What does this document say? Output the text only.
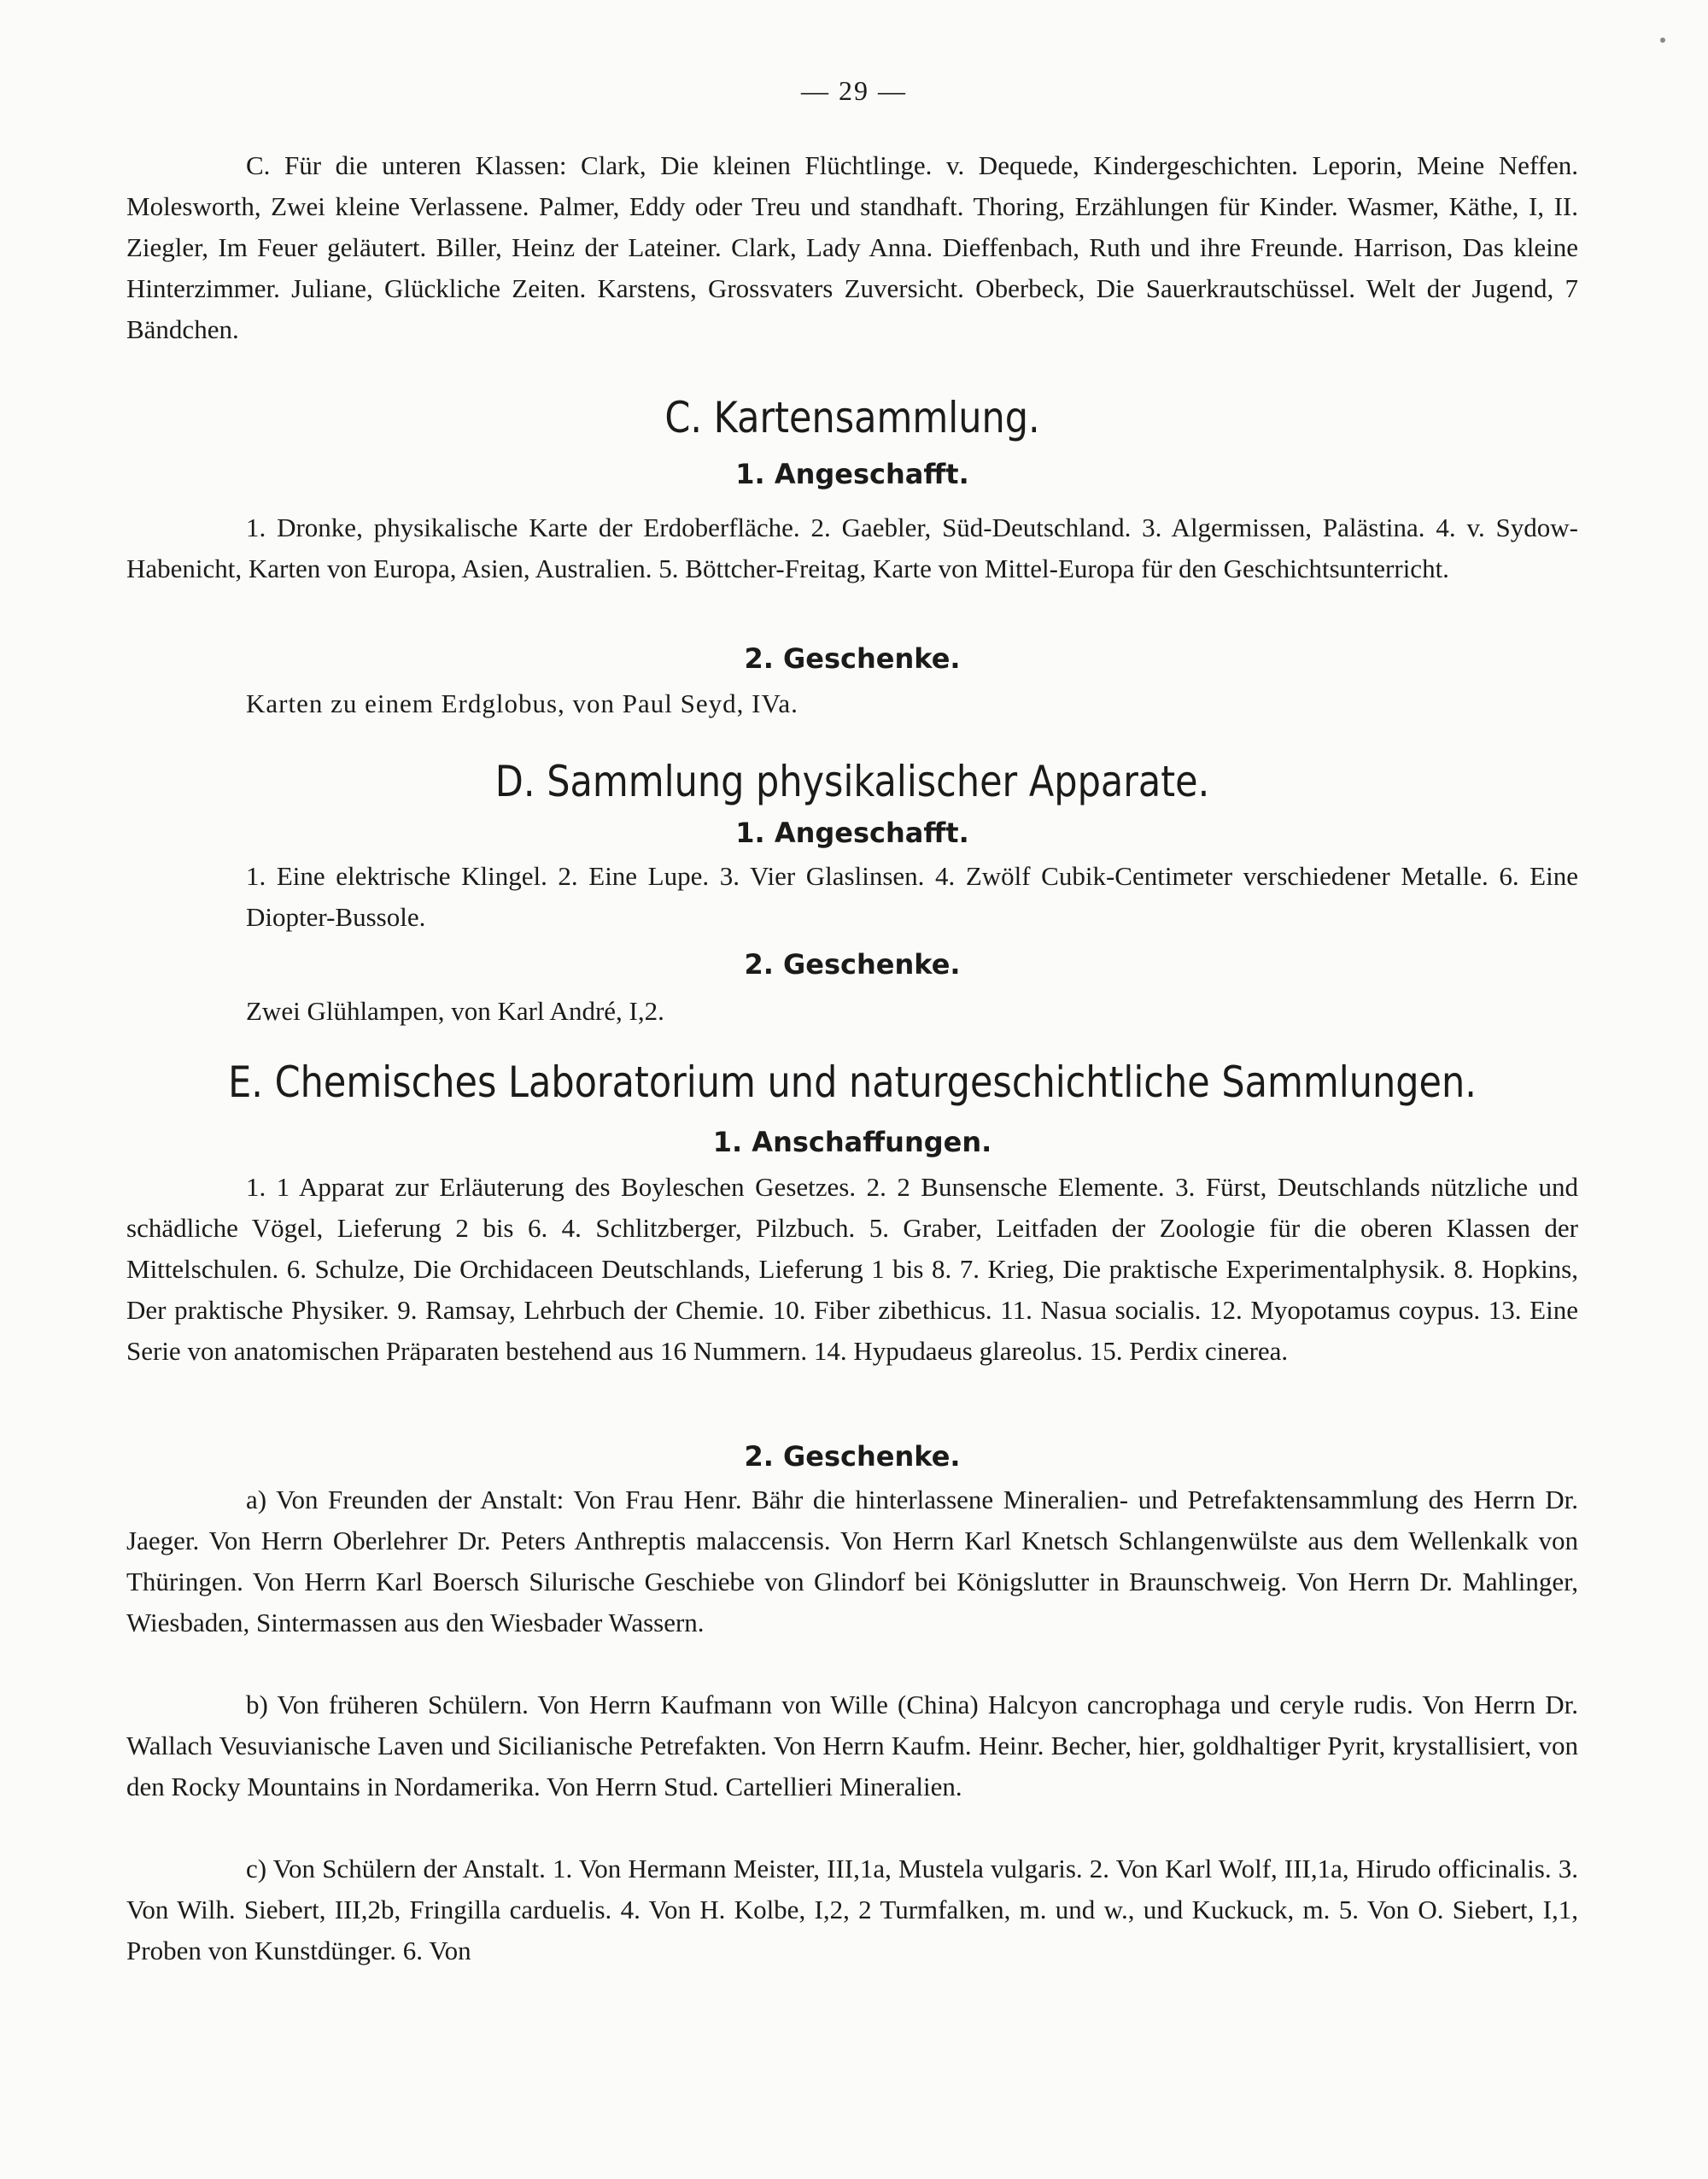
— 29 —

C. Für die unteren Klassen: Clark, Die kleinen Flüchtlinge. v. Dequede, Kindergeschichten. Leporin, Meine Neffen. Molesworth, Zwei kleine Verlassene. Palmer, Eddy oder Treu und standhaft. Thoring, Erzählungen für Kinder. Wasmer, Käthe, I, II. Ziegler, Im Feuer geläutert. Biller, Heinz der Lateiner. Clark, Lady Anna. Dieffenbach, Ruth und ihre Freunde. Harrison, Das kleine Hinterzimmer. Juliane, Glückliche Zeiten. Karstens, Grossvaters Zuversicht. Oberbeck, Die Sauerkrautschüssel. Welt der Jugend, 7 Bändchen.

C. Kartensammlung.
1. Angeschafft.

1. Dronke, physikalische Karte der Erdoberfläche. 2. Gaebler, Süd-Deutschland. 3. Algermissen, Palästina. 4. v. Sydow-Habenicht, Karten von Europa, Asien, Australien. 5. Böttcher-Freitag, Karte von Mittel-Europa für den Geschichtsunterricht.

2. Geschenke.

Karten zu einem Erdglobus, von Paul Seyd, IVa.

D. Sammlung physikalischer Apparate.
1. Angeschafft.

1. Eine elektrische Klingel. 2. Eine Lupe. 3. Vier Glaslinsen. 4. Zwölf Cubik-Centimeter verschiedener Metalle. 6. Eine Diopter-Bussole.

2. Geschenke.

Zwei Glühlampen, von Karl André, I,2.

E. Chemisches Laboratorium und naturgeschichtliche Sammlungen.
1. Anschaffungen.

1. 1 Apparat zur Erläuterung des Boyleschen Gesetzes. 2. 2 Bunsensche Elemente. 3. Fürst, Deutschlands nützliche und schädliche Vögel, Lieferung 2 bis 6. 4. Schlitzberger, Pilzbuch. 5. Graber, Leitfaden der Zoologie für die oberen Klassen der Mittelschulen. 6. Schulze, Die Orchidaceen Deutschlands, Lieferung 1 bis 8. 7. Krieg, Die praktische Experimentalphysik. 8. Hopkins, Der praktische Physiker. 9. Ramsay, Lehrbuch der Chemie. 10. Fiber zibethicus. 11. Nasua socialis. 12. Myopotamus coypus. 13. Eine Serie von anatomischen Präparaten bestehend aus 16 Nummern. 14. Hypudaeus glareolus. 15. Perdix cinerea.

2. Geschenke.

a) Von Freunden der Anstalt: Von Frau Henr. Bähr die hinterlassene Mineralien- und Petrefaktensammlung des Herrn Dr. Jaeger. Von Herrn Oberlehrer Dr. Peters Anthreptis malaccensis. Von Herrn Karl Knetsch Schlangenwülste aus dem Wellenkalk von Thüringen. Von Herrn Karl Boersch Silurische Geschiebe von Glindorf bei Königslutter in Braunschweig. Von Herrn Dr. Mahlinger, Wiesbaden, Sintermassen aus den Wiesbader Wassern.

b) Von früheren Schülern. Von Herrn Kaufmann von Wille (China) Halcyon cancrophaga und ceryle rudis. Von Herrn Dr. Wallach Vesuvianische Laven und Sicilianische Petrefakten. Von Herrn Kaufm. Heinr. Becher, hier, goldhaltiger Pyrit, krystallisiert, von den Rocky Mountains in Nordamerika. Von Herrn Stud. Cartellieri Mineralien.

c) Von Schülern der Anstalt. 1. Von Hermann Meister, III,1a, Mustela vulgaris. 2. Von Karl Wolf, III,1a, Hirudo officinalis. 3. Von Wilh. Siebert, III,2b, Fringilla carduelis. 4. Von H. Kolbe, I,2, 2 Turmfalken, m. und w., und Kuckuck, m. 5. Von O. Siebert, I,1, Proben von Kunstdünger. 6. Von
